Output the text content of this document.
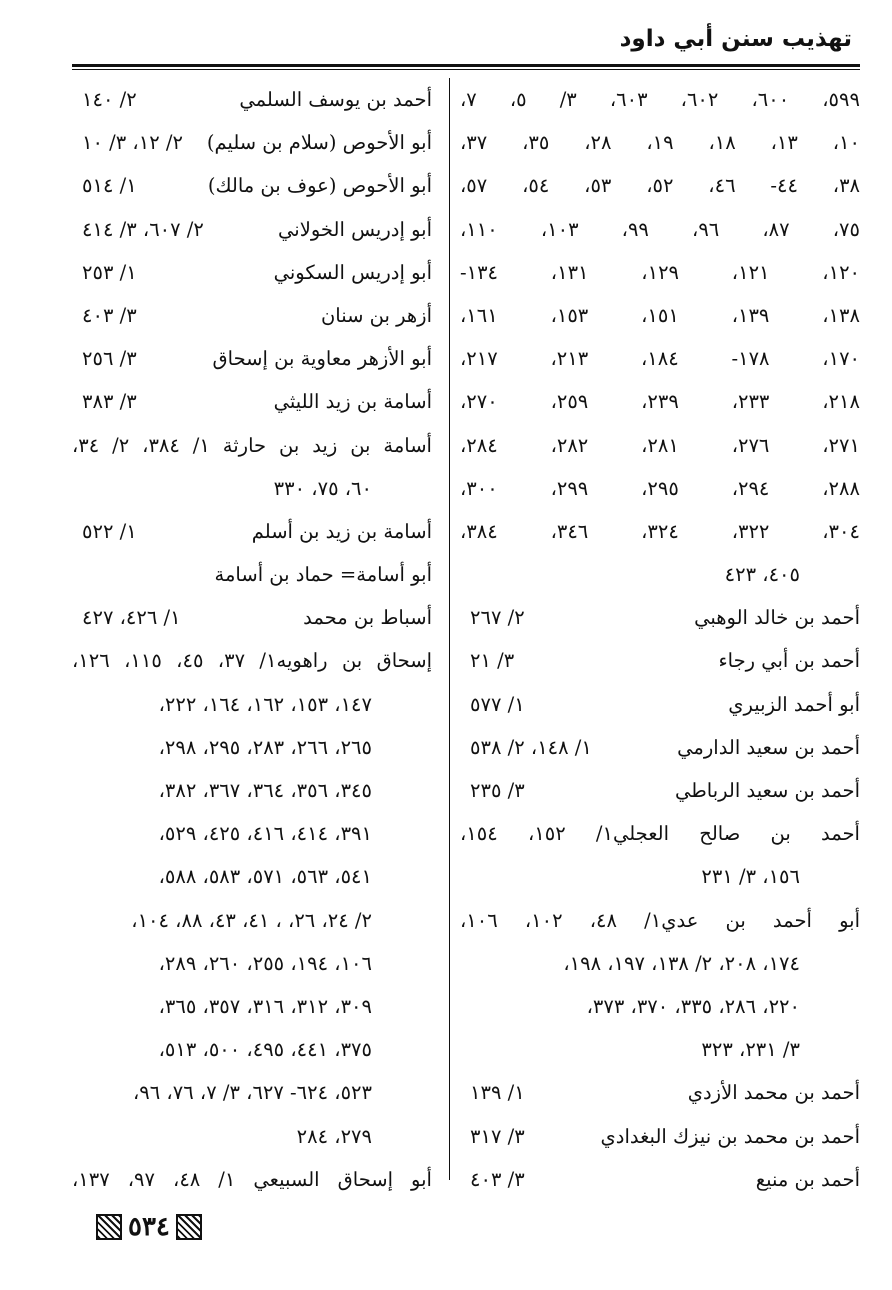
تهذيب سنن أبي داود
٥٩٩، ٦٠٠، ٦٠٢، ٦٠٣، ٣/ ٥، ٧،
١٠، ١٣، ١٨، ١٩، ٢٨، ٣٥، ٣٧،
٣٨، ٤٤- ٤٦، ٥٢، ٥٣، ٥٤، ٥٧،
٧٥، ٨٧، ٩٦، ٩٩، ١٠٣، ١١٠،
١٢٠، ١٢١، ١٢٩، ١٣١، ١٣٤-
١٣٨، ١٣٩، ١٥١، ١٥٣، ١٦١،
١٧٠، ١٧٨- ١٨٤، ٢١٣، ٢١٧،
٢١٨، ٢٣٣، ٢٣٩، ٢٥٩، ٢٧٠،
٢٧١، ٢٧٦، ٢٨١، ٢٨٢، ٢٨٤،
٢٨٨، ٢٩٤، ٢٩٥، ٢٩٩، ٣٠٠،
٣٠٤، ٣٢٢، ٣٢٤، ٣٤٦، ٣٨٤،
٤٠٥، ٤٢٣
أحمد بن خالد الوهبي
٢/ ٢٦٧
أحمد بن أبي رجاء
٣/ ٢١
أبو أحمد الزبيري
١/ ٥٧٧
أحمد بن سعيد الدارمي
١/ ١٤٨، ٢/ ٥٣٨
أحمد بن سعيد الرباطي
٣/ ٢٣٥
أحمد بن صالح العجلي١/ ١٥٢، ١٥٤،
١٥٦، ٣/ ٢٣١
أبو أحمد بن عدي١/ ٤٨، ١٠٢، ١٠٦،
١٧٤، ٢٠٨، ٢/ ١٣٨، ١٩٧، ١٩٨،
٢٢٠، ٢٨٦، ٣٣٥، ٣٧٠، ٣٧٣،
٣/ ٢٣١، ٣٢٣
أحمد بن محمد الأزدي
١/ ١٣٩
أحمد بن محمد بن نيزك البغدادي
٣/ ٣١٧
أحمد بن منيع
٣/ ٤٠٣
أحمد بن يوسف السلمي
٢/ ١٤٠
أبو الأحوص (سلام بن سليم)
٢/ ١٢، ٣/ ١٠
أبو الأحوص (عوف بن مالك)
١/ ٥١٤
أبو إدريس الخولاني
٢/ ٦٠٧، ٣/ ٤١٤
أبو إدريس السكوني
١/ ٢٥٣
أزهر بن سنان
٣/ ٤٠٣
أبو الأزهر معاوية بن إسحاق
٣/ ٢٥٦
أسامة بن زيد الليثي
٣/ ٣٨٣
أسامة بن زيد بن حارثة ١/ ٣٨٤، ٢/ ٣٤،
٦٠، ٧٥، ٣٣٠
أسامة بن زيد بن أسلم
١/ ٥٢٢
أبو أسامة= حماد بن أسامة
أسباط بن محمد
١/ ٤٢٦، ٤٢٧
إسحاق بن راهويه١/ ٣٧، ٤٥، ١١٥، ١٢٦،
١٤٧، ١٥٣، ١٦٢، ١٦٤، ٢٢٢،
٢٦٥، ٢٦٦، ٢٨٣، ٢٩٥، ٢٩٨،
٣٤٥، ٣٥٦، ٣٦٤، ٣٦٧، ٣٨٢،
٣٩١، ٤١٤، ٤١٦، ٤٢٥، ٥٢٩،
٥٤١، ٥٦٣، ٥٧١، ٥٨٣، ٥٨٨،
٢/ ٢٤، ٢٦، ، ٤١، ٤٣، ٨٨، ١٠٤،
١٠٦، ١٩٤، ٢٥٥، ٢٦٠، ٢٨٩،
٣٠٩، ٣١٢، ٣١٦، ٣٥٧، ٣٦٥،
٣٧٥، ٤٤١، ٤٩٥، ٥٠٠، ٥١٣،
٥٢٣، ٦٢٤- ٦٢٧، ٣/ ٧، ٧٦، ٩٦،
٢٧٩، ٢٨٤
أبو إسحاق السبيعي ١/ ٤٨، ٩٧، ١٣٧،
٥٣٤
